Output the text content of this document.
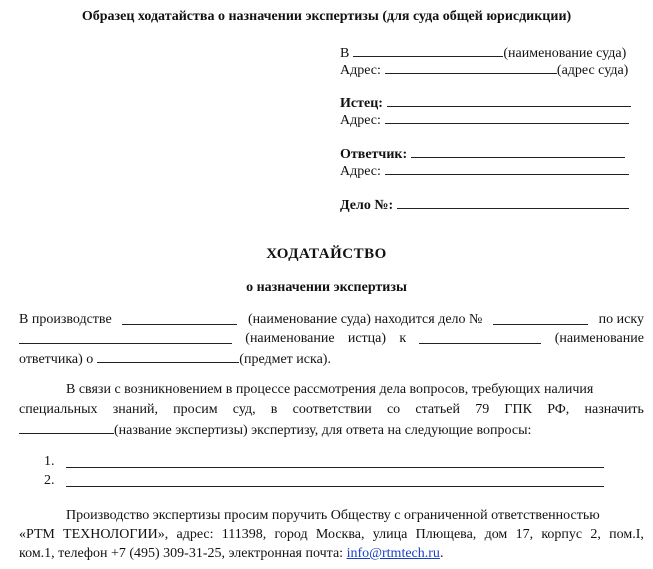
Образец ходатайства о назначении экспертизы (для суда общей юрисдикции)
В	(наименование суда)
Адрес:	(адрес суда)
Истец:
Адрес:
Ответчик:
Адрес:
Дело №:
ХОДАТАЙСТВО
о назначении экспертизы
В производстве	(наименование суда) находится дело №	по иску
(наименование истца) к	(наименование
ответчика) о	(предмет иска).
В связи с возникновением в процессе рассмотрения дела вопросов, требующих наличия
специальных знаний, просим суд, в соответствии со статьей 79 ГПК РФ, назначить
(название экспертизы) экспертизу, для ответа на следующие вопросы:
1.
2.
Производство экспертизы просим поручить Обществу с ограниченной ответственностью
«РТМ ТЕХНОЛОГИИ», адрес: 111398, город Москва, улица Плющева, дом 17, корпус 2, пом.I,
ком.1, телефон +7 (495) 309-31-25, электронная почта: info@rtmtech.ru.
